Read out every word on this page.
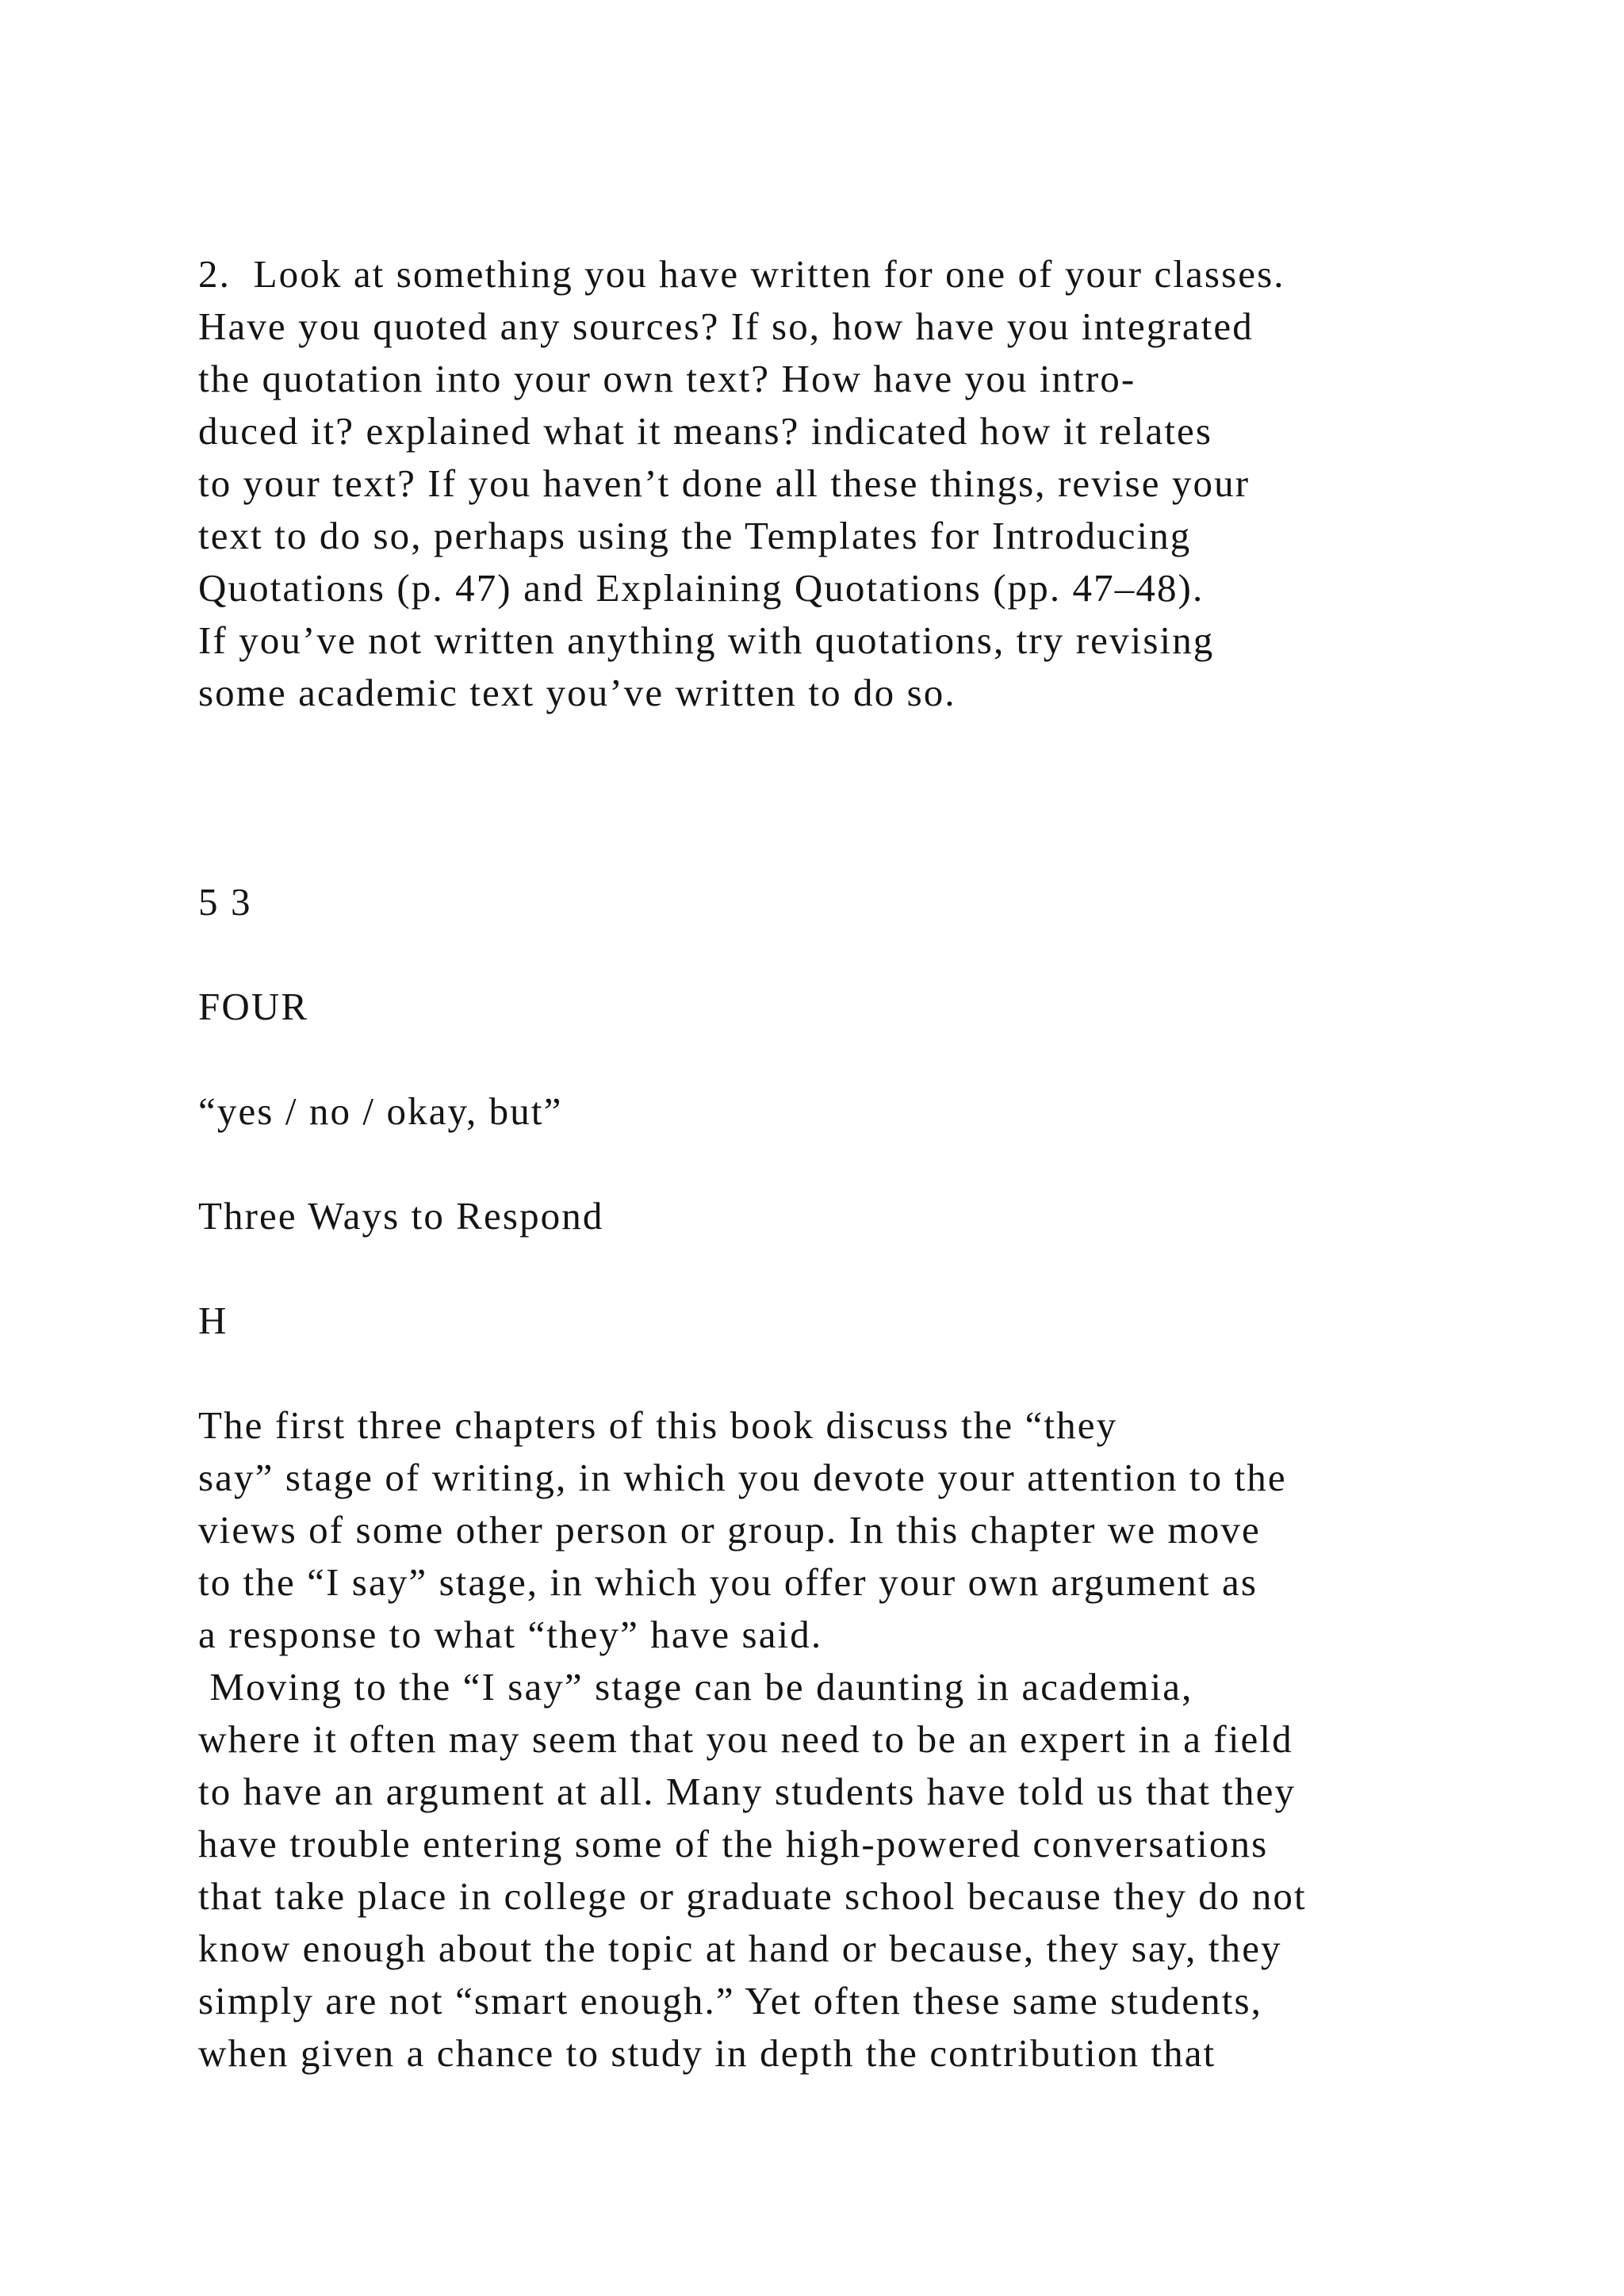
2.  Look at something you have written for one of your classes.

Have you quoted any sources? If so, how have you integrated

the quotation into your own text? How have you intro-

duced it? explained what it means? indicated how it relates

to your text? If you haven’t done all these things, revise your

text to do so, perhaps using the Templates for Introducing

Quotations (p. 47) and Explaining Quotations (pp. 47–48).

If you’ve not written anything with quotations, try revising

some academic text you’ve written to do so.

5 3

FOUR

“yes / no / okay, but”

Three Ways to Respond

H

The first three chapters of this book discuss the “they

say” stage of writing, in which you devote your attention to the

views of some other person or group. In this chapter we move

to the “I say” stage, in which you offer your own argument as

a response to what “they” have said.

Moving to the “I say” stage can be daunting in academia,

where it often may seem that you need to be an expert in a field

to have an argument at all. Many students have told us that they

have trouble entering some of the high-powered conversations

that take place in college or graduate school because they do not

know enough about the topic at hand or because, they say, they

simply are not “smart enough.” Yet often these same students,

when given a chance to study in depth the contribution that
